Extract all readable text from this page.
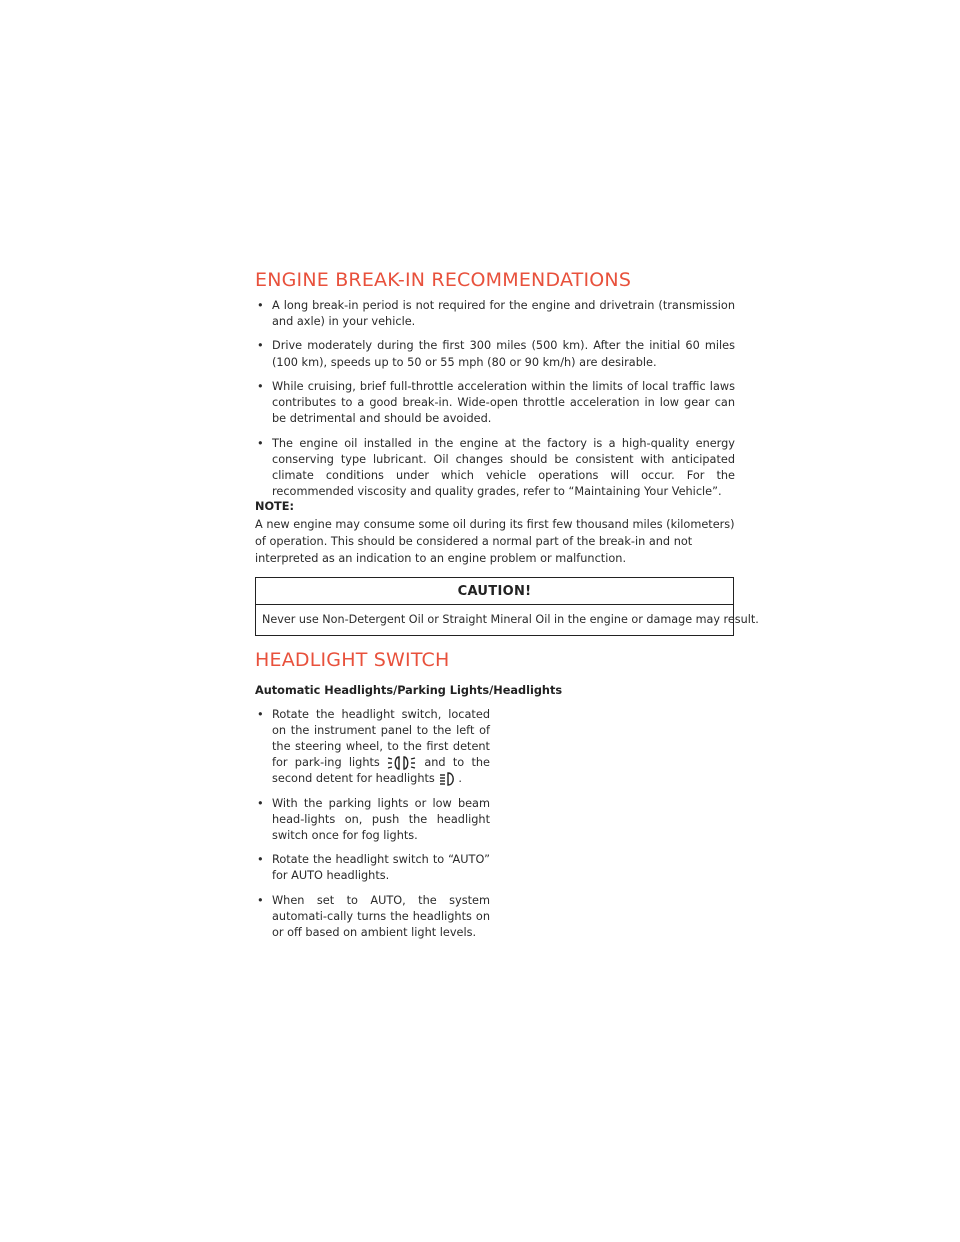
ENGINE BREAK-IN RECOMMENDATIONS
• A long break-in period is not required for the engine and drivetrain (transmission and axle) in your vehicle.
• Drive moderately during the first 300 miles (500 km). After the initial 60 miles (100 km), speeds up to 50 or 55 mph (80 or 90 km/h) are desirable.
• While cruising, brief full-throttle acceleration within the limits of local traffic laws contributes to a good break-in. Wide-open throttle acceleration in low gear can be detrimental and should be avoided.
• The engine oil installed in the engine at the factory is a high-quality energy conserving type lubricant. Oil changes should be consistent with anticipated climate conditions under which vehicle operations will occur. For the recommended viscosity and quality grades, refer to “Maintaining Your Vehicle”.
NOTE:
A new engine may consume some oil during its first few thousand miles (kilometers) of operation. This should be considered a normal part of the break-in and not interpreted as an indication to an engine problem or malfunction.
CAUTION!
Never use Non-Detergent Oil or Straight Mineral Oil in the engine or damage may result.
HEADLIGHT SWITCH
Automatic Headlights/Parking Lights/Headlights
• Rotate the headlight switch, located on the instrument panel to the left of the steering wheel, to the first detent for park-ing lights	and to the second detent for headlights .
• With the parking lights or low beam head-lights on, push the headlight switch once for fog lights.
• Rotate the headlight switch to “AUTO” for AUTO headlights.
• When set to AUTO, the system automati-cally turns the headlights on or off based on ambient light levels.
